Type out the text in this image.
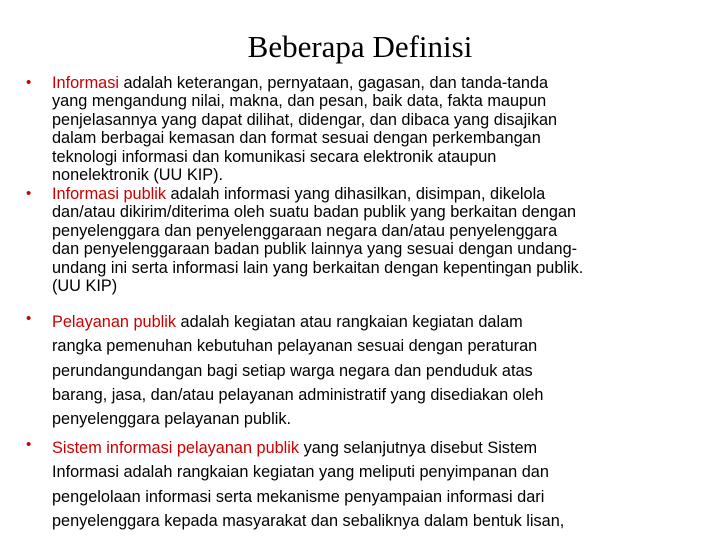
Beberapa Definisi
• Informasi adalah keterangan, pernyataan, gagasan, dan tanda-tanda
yang mengandung nilai, makna, dan pesan, baik data, fakta maupun
penjelasannya yang dapat dilihat, didengar, dan dibaca yang disajikan
dalam berbagai kemasan dan format sesuai dengan perkembangan
teknologi informasi dan komunikasi secara elektronik ataupun
nonelektronik (UU KIP).
• Informasi publik adalah informasi yang dihasilkan, disimpan, dikelola
dan/atau dikirim/diterima oleh suatu badan publik yang berkaitan dengan
penyelenggara dan penyelenggaraan negara dan/atau penyelenggara
dan penyelenggaraan badan publik lainnya yang sesuai dengan undang-
undang ini serta informasi lain yang berkaitan dengan kepentingan publik.
(UU KIP)
• Pelayanan publik adalah kegiatan atau rangkaian kegiatan dalam
rangka pemenuhan kebutuhan pelayanan sesuai dengan peraturan
perundangundangan bagi setiap warga negara dan penduduk atas
barang, jasa, dan/atau pelayanan administratif yang disediakan oleh
penyelenggara pelayanan publik.
• Sistem informasi pelayanan publik yang selanjutnya disebut Sistem
Informasi adalah rangkaian kegiatan yang meliputi penyimpanan dan
pengelolaan informasi serta mekanisme penyampaian informasi dari
penyelenggara kepada masyarakat dan sebaliknya dalam bentuk lisan,
